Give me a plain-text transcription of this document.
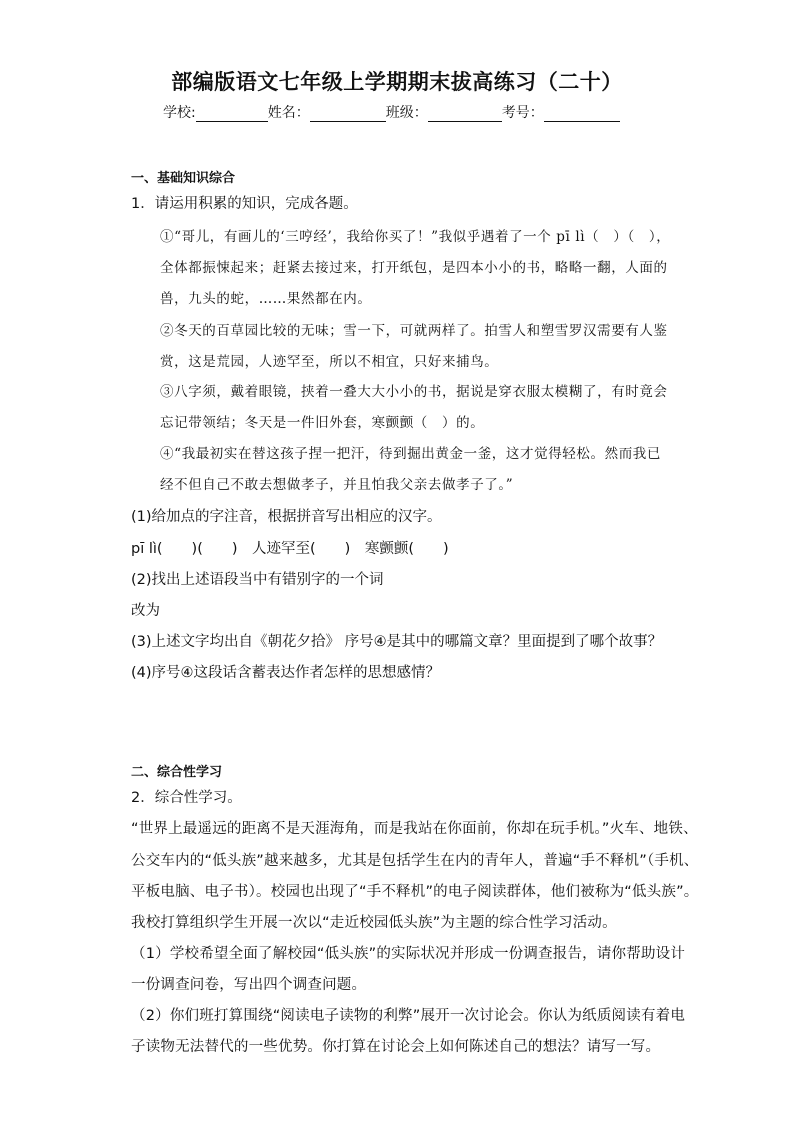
部编版语文七年级上学期期末拔高练习（二十）
学校:	姓名：	班级：	考号：
一、基础知识综合
1．请运用积累的知识，完成各题。
①“哥儿，有画儿的‘三哼经’，我给你买了！”我似乎遇着了一个 pī lì（　）（　），
全体都振悚起来；赶紧去接过来，打开纸包，是四本小小的书，略略一翻，人面的
兽，九头的蛇，……果然都在内。
②冬天的百草园比较的无味；雪一下，可就两样了。拍雪人和塑雪罗汉需要有人鉴
赏，这是荒园，人迹罕至，所以不相宜，只好来捕鸟。
③八字须，戴着眼镜，挟着一叠大大小小的书，据说是穿衣服太模糊了，有时竟会
忘记带领结；冬天是一件旧外套，寒颤颤（　）的。
④“我最初实在替这孩子捏一把汗，待到掘出黄金一釜，这才觉得轻松。然而我已
经不但自己不敢去想做孝子，并且怕我父亲去做孝子了。”
(1)给加点的字注音，根据拼音写出相应的汉字。
pī lì(　　)(　　)　人迹罕至(　　)　寒颤颤(　　)
(2)找出上述语段当中有错别字的一个词
改为
(3)上述文字均出自《朝花夕拾》 序号④是其中的哪篇文章？里面提到了哪个故事？
(4)序号④这段话含蓄表达作者怎样的思想感情？
二、综合性学习
2．综合性学习。
“世界上最遥远的距离不是天涯海角，而是我站在你面前，你却在玩手机。”火车、地铁、
公交车内的“低头族”越来越多，尤其是包括学生在内的青年人，普遍“手不释机”（手机、
平板电脑、电子书）。校园也出现了“手不释机”的电子阅读群体，他们被称为“低头族”。
我校打算组织学生开展一次以“走近校园低头族”为主题的综合性学习活动。
（1）学校希望全面了解校园“低头族”的实际状况并形成一份调查报告，请你帮助设计
一份调查问卷，写出四个调查问题。
（2）你们班打算围绕“阅读电子读物的利弊”展开一次讨论会。你认为纸质阅读有着电
子读物无法替代的一些优势。你打算在讨论会上如何陈述自己的想法？请写一写。
